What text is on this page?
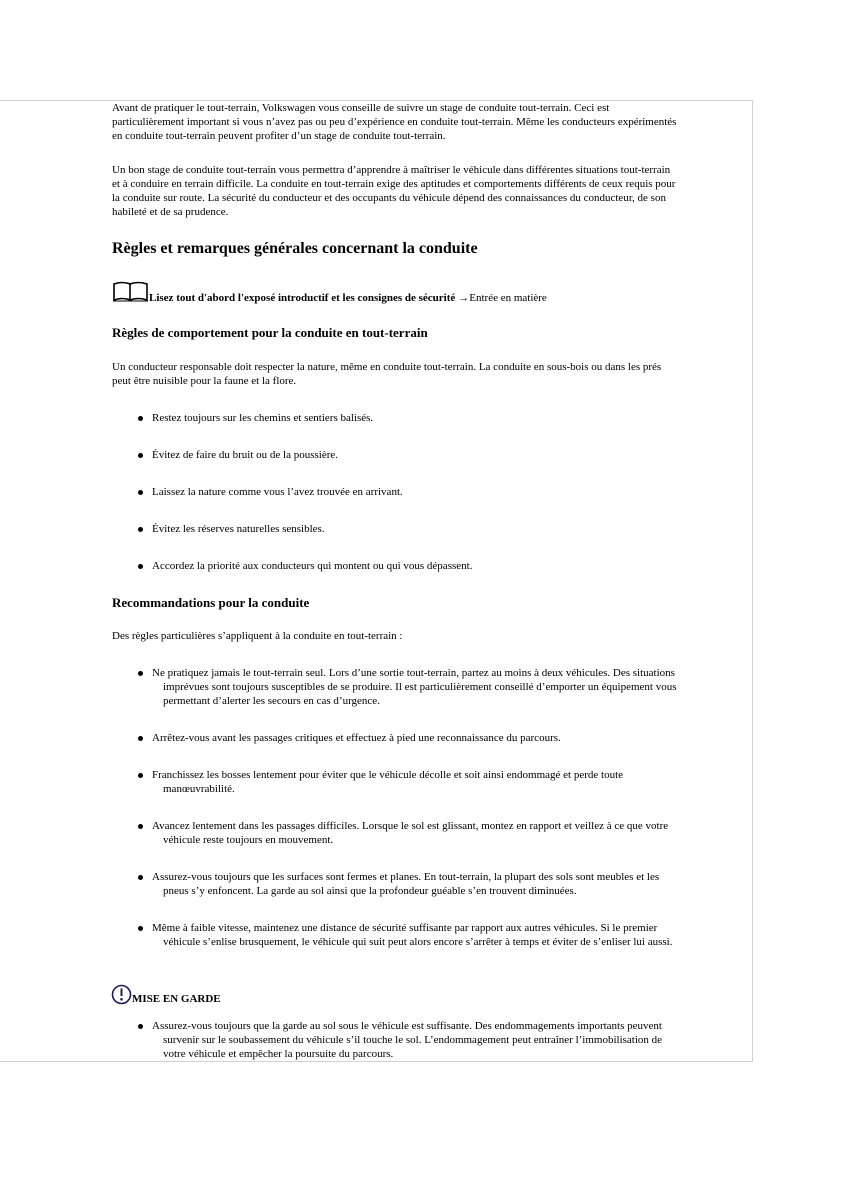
Avant de pratiquer le tout-terrain, Volkswagen vous conseille de suivre un stage de conduite tout-terrain. Ceci est
particulièrement important si vous n’avez pas ou peu d’expérience en conduite tout-terrain. Même les conducteurs expérimentés
en conduite tout-terrain peuvent profiter d’un stage de conduite tout-terrain.
Un bon stage de conduite tout-terrain vous permettra d’apprendre à maîtriser le véhicule dans différentes situations tout-terrain
et à conduire en terrain difficile. La conduite en tout-terrain exige des aptitudes et comportements différents de ceux requis pour
la conduite sur route. La sécurité du conducteur et des occupants du véhicule dépend des connaissances du conducteur, de son
habileté et de sa prudence.
Règles et remarques générales concernant la conduite
Lisez tout d'abord l'exposé introductif et les consignes de sécurité →Entrée en matière
Règles de comportement pour la conduite en tout-terrain
Un conducteur responsable doit respecter la nature, même en conduite tout-terrain. La conduite en sous-bois ou dans les prés
peut être nuisible pour la faune et la flore.
Restez toujours sur les chemins et sentiers balisés.
Évitez de faire du bruit ou de la poussière.
Laissez la nature comme vous l’avez trouvée en arrivant.
Évitez les réserves naturelles sensibles.
Accordez la priorité aux conducteurs qui montent ou qui vous dépassent.
Recommandations pour la conduite
Des règles particulières s’appliquent à la conduite en tout-terrain :
Ne pratiquez jamais le tout-terrain seul. Lors d’une sortie tout-terrain, partez au moins à deux véhicules. Des situations
imprévues sont toujours susceptibles de se produire. Il est particulièrement conseillé d’emporter un équipement vous
permettant d’alerter les secours en cas d’urgence.
Arrêtez-vous avant les passages critiques et effectuez à pied une reconnaissance du parcours.
Franchissez les bosses lentement pour éviter que le véhicule décolle et soit ainsi endommagé et perde toute
manœuvrabilité.
Avancez lentement dans les passages difficiles. Lorsque le sol est glissant, montez en rapport et veillez à ce que votre
véhicule reste toujours en mouvement.
Assurez-vous toujours que les surfaces sont fermes et planes. En tout-terrain, la plupart des sols sont meubles et les
pneus s’y enfoncent. La garde au sol ainsi que la profondeur guéable s’en trouvent diminuées.
Même à faible vitesse, maintenez une distance de sécurité suffisante par rapport aux autres véhicules. Si le premier
véhicule s’enlise brusquement, le véhicule qui suit peut alors encore s’arrêter à temps et éviter de s’enliser lui aussi.
MISE EN GARDE
Assurez-vous toujours que la garde au sol sous le véhicule est suffisante. Des endommagements importants peuvent
survenir sur le soubassement du véhicule s’il touche le sol. L’endommagement peut entraîner l’immobilisation de
votre véhicule et empêcher la poursuite du parcours.
